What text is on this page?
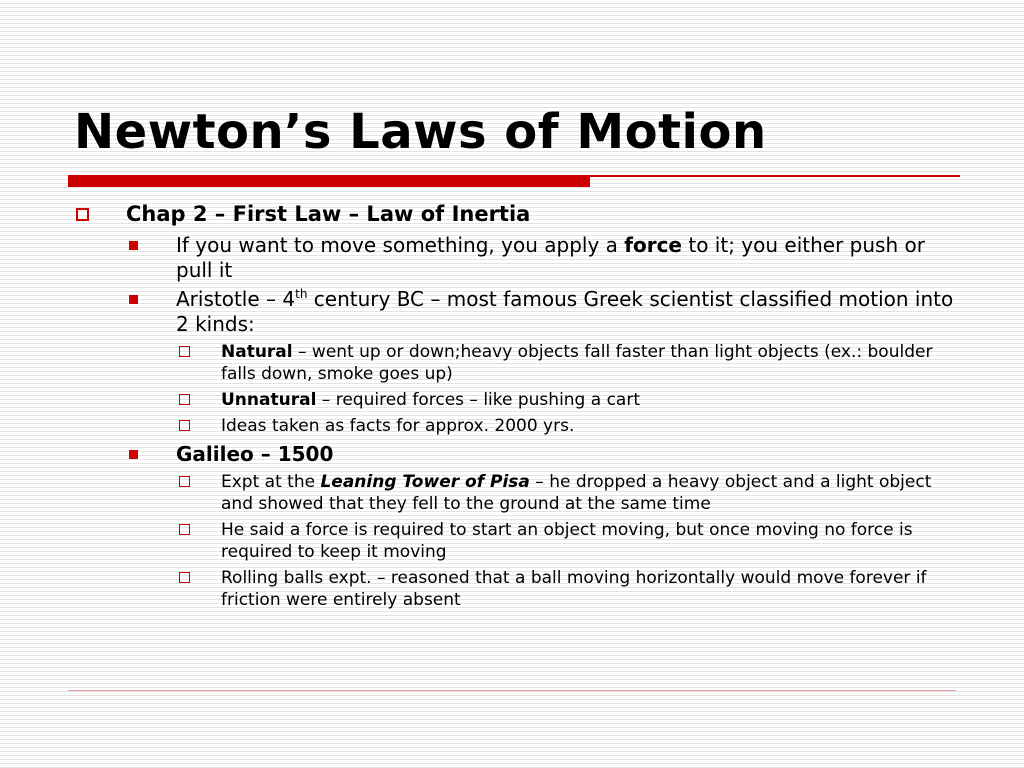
Newton’s Laws of Motion
Chap 2 – First Law – Law of Inertia
If you want to move something, you apply a force to it; you either push or pull it
Aristotle – 4th century BC – most famous Greek scientist classified motion into 2 kinds:
Natural – went up or down;heavy objects fall faster than light objects (ex.: boulder falls down, smoke goes up)
Unnatural – required forces – like pushing a cart
Ideas taken as facts for approx. 2000 yrs.
Galileo – 1500
Expt at the Leaning Tower of Pisa – he dropped a heavy object and a light object and showed that they fell to the ground at the same time
He said a force is required to start an object moving, but once moving no force is required to keep it moving
Rolling balls expt. – reasoned that a ball moving horizontally would move forever if friction were entirely absent
